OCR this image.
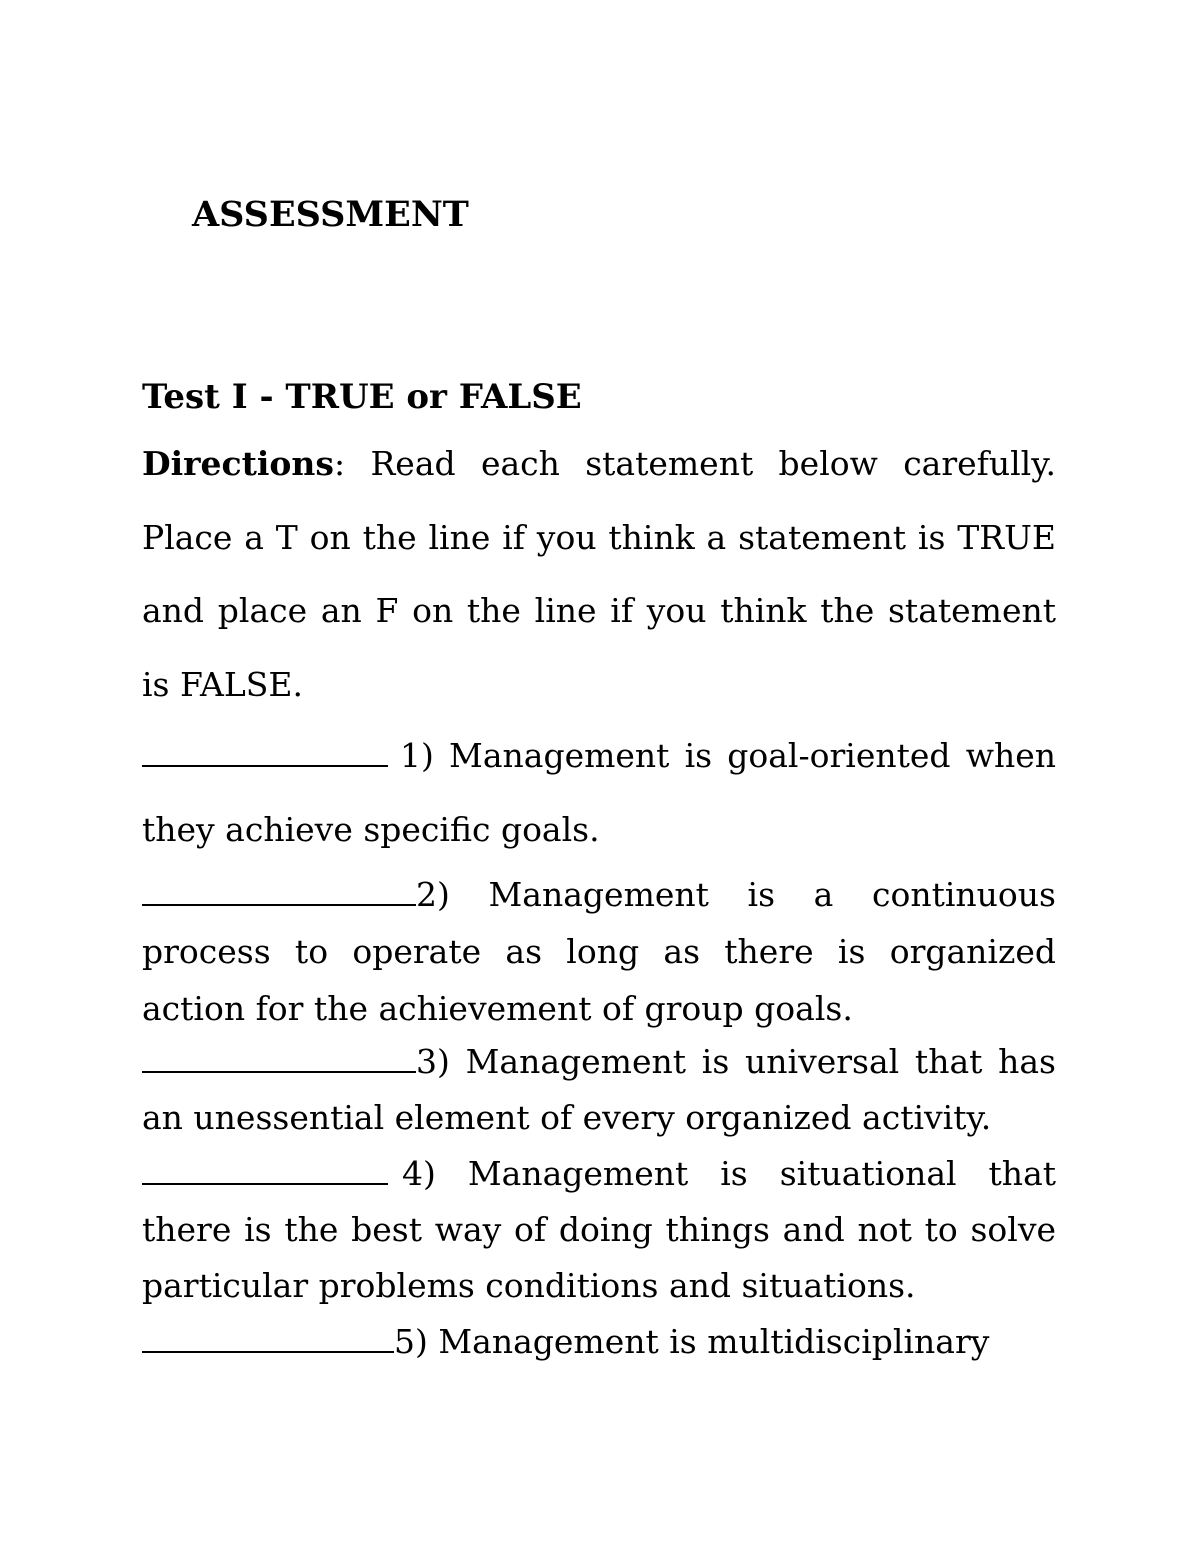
ASSESSMENT

Test I - TRUE or FALSE

Directions: Read each statement below carefully. Place a T on the line if you think a statement is TRUE and place an F on the line if you think the statement is FALSE.

1) Management is goal-oriented when they achieve specific goals.

2) Management is a continuous process to operate as long as there is organized action for the achievement of group goals.

3) Management is universal that has an unessential element of every organized activity.

4) Management is situational that there is the best way of doing things and not to solve particular problems conditions and situations.

5) Management is multidisciplinary
